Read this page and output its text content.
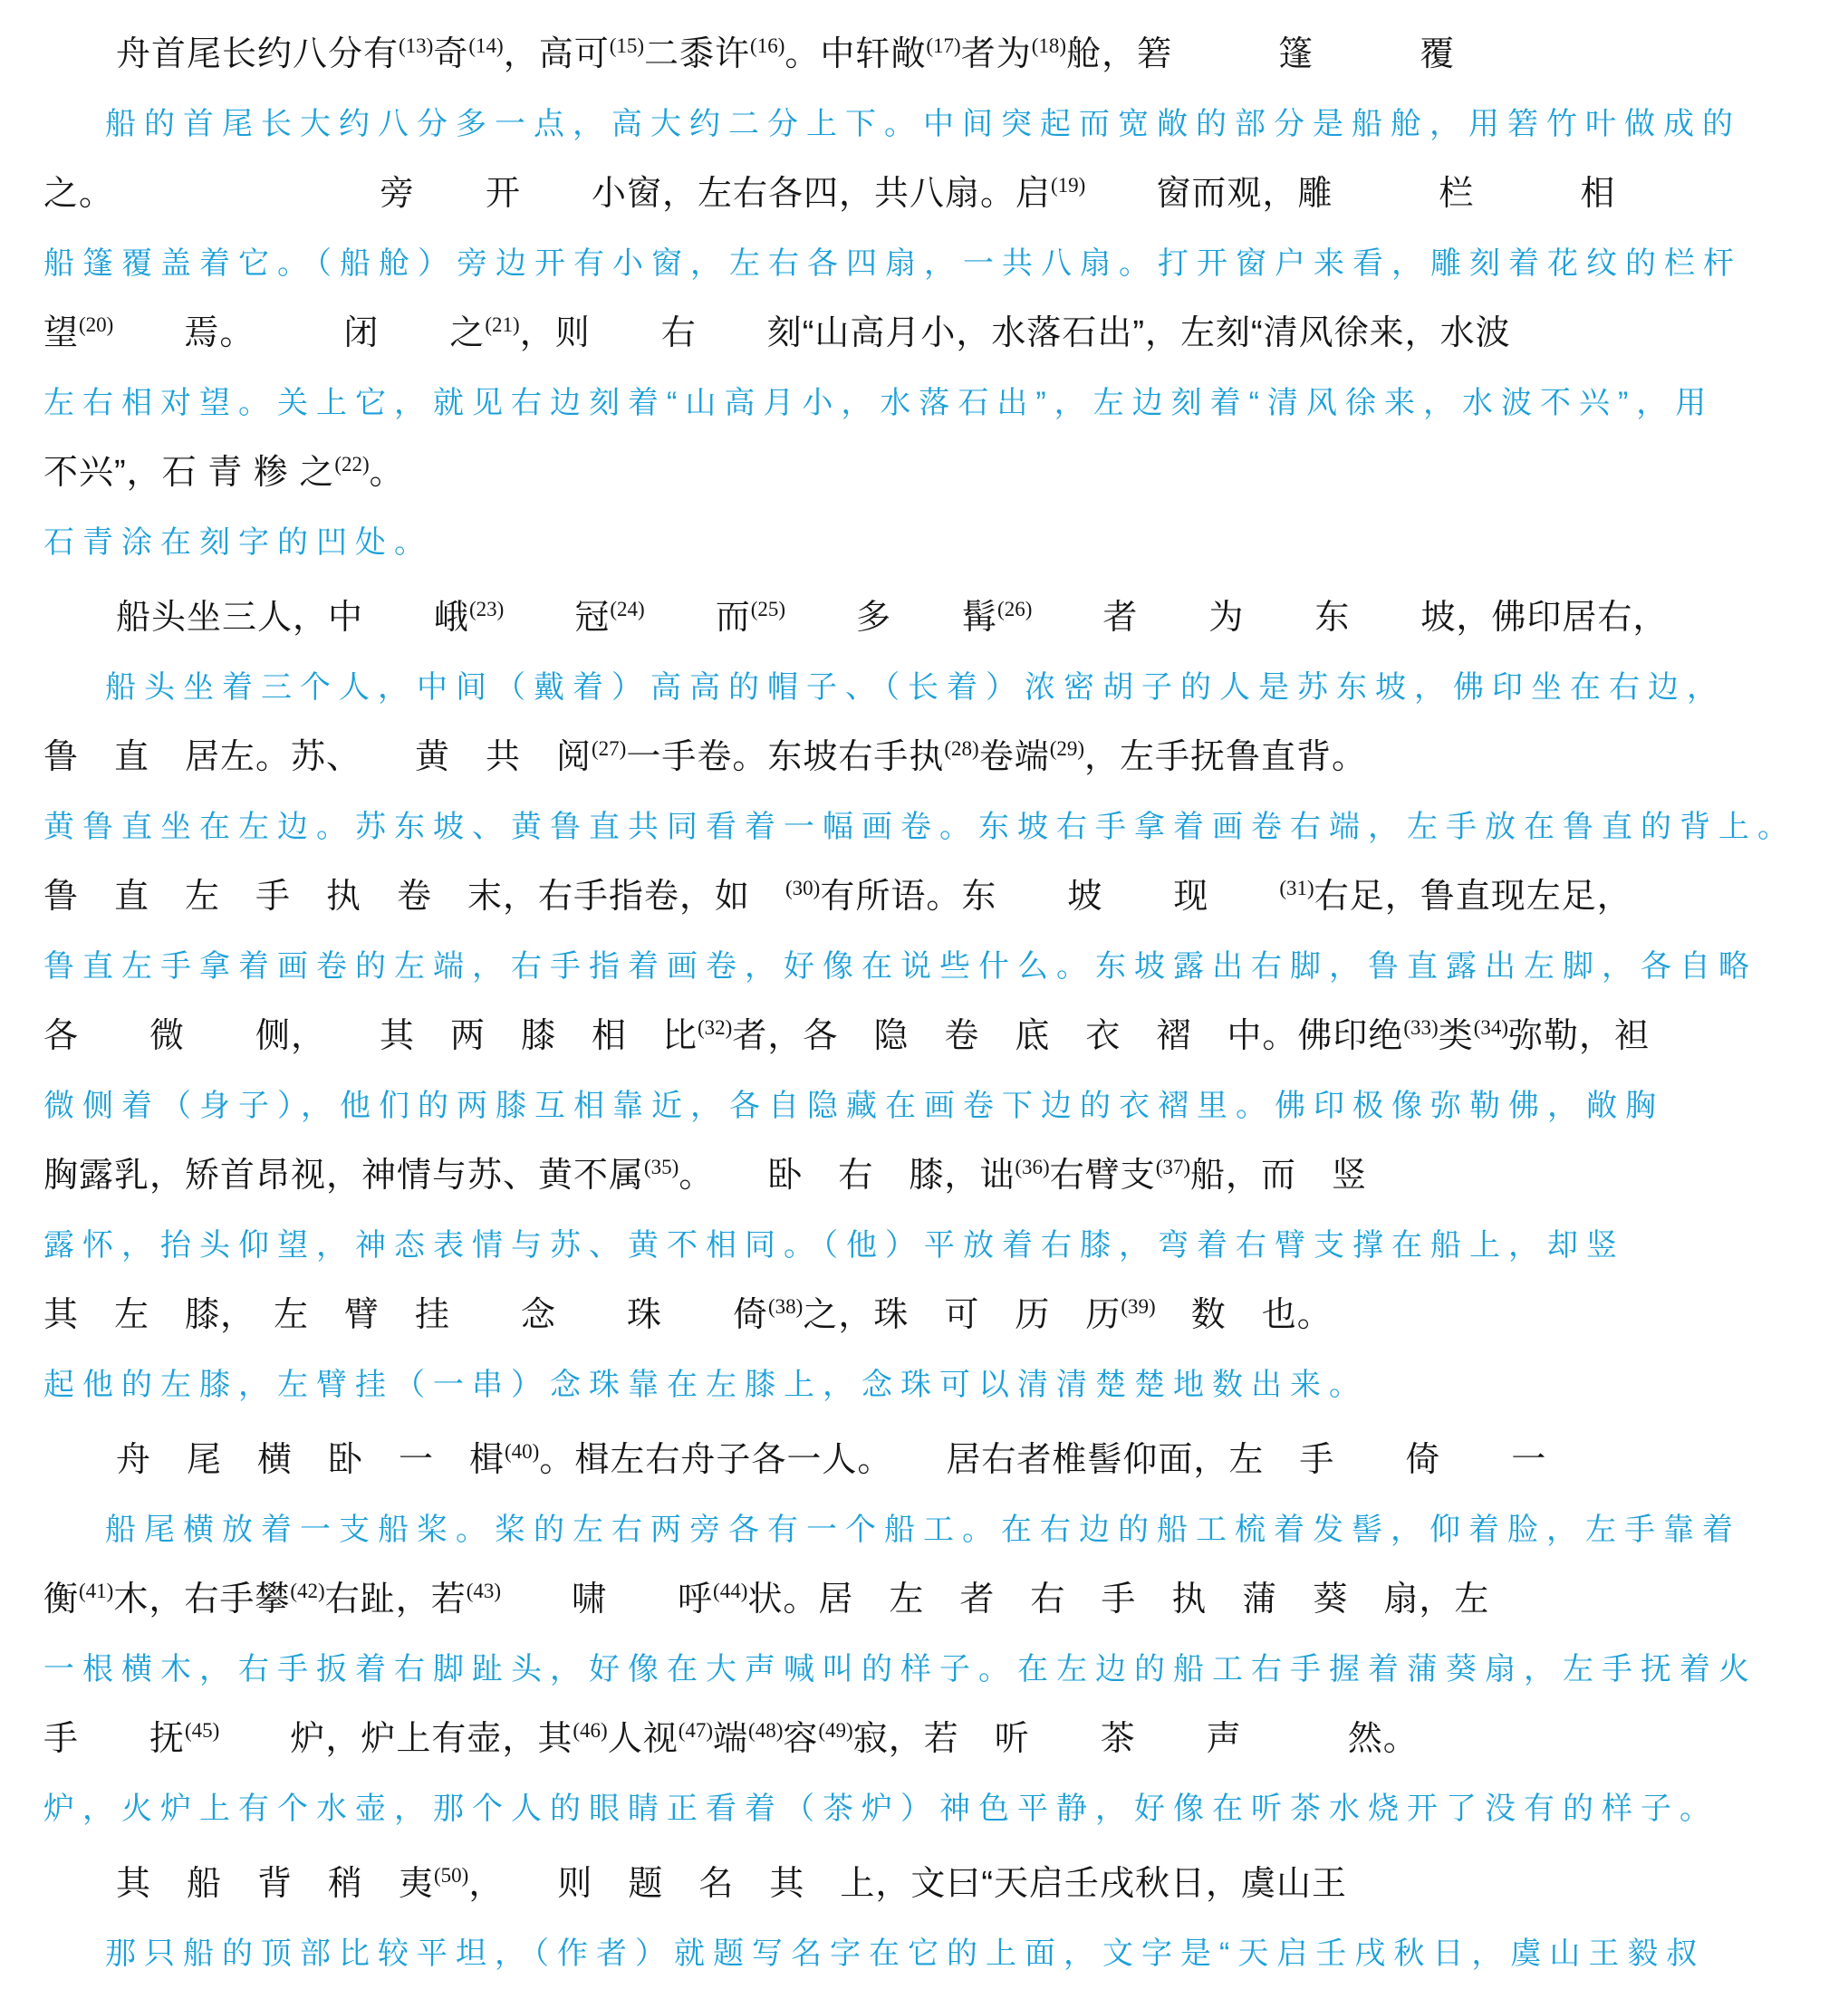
舟首尾长约八分有$^{(13)}$奇$^{(14)}$，高可$^{(15)}$二黍许$^{(16)}$。中轩敞$^{(17)}$者为$^{(18)}$舱，箬　　　篷　　　覆

船的首尾长大约八分多一点，高大约二分上下。中间突起而宽敞的部分是船舱，用箬竹叶做成的

之。　　　　　　　　旁　　开　　小窗，左右各四，共八扇。启$^{(19)}$　　窗而观，雕　　　栏　　　相

船篷覆盖着它。（船舱）旁边开有小窗，左右各四扇，一共八扇。打开窗户来看，雕刻着花纹的栏杆

望$^{(20)}$　　焉。　　　闭　　之$^{(21)}$，则　　右　　刻“山高月小，水落石出”，左刻“清风徐来，水波

左右相对望。关上它，就见右边刻着“山高月小，水落石出”，左边刻着“清风徐来，水波不兴”，用

不兴”，石 青 糁 之$^{(22)}$。

石青涂在刻字的凹处。

船头坐三人，中　　峨$^{(23)}$　　冠$^{(24)}$　　而$^{(25)}$　　多　　髯$^{(26)}$　　者　　为　　东　　坡，佛印居右，

船头坐着三个人，中间（戴着）高高的帽子、（长着）浓密胡子的人是苏东坡，佛印坐在右边，

鲁　直　居左。苏、　　黄　共　阅$^{(27)}$一手卷。东坡右手执$^{(28)}$卷端$^{(29)}$，左手抚鲁直背。

黄鲁直坐在左边。苏东坡、黄鲁直共同看着一幅画卷。东坡右手拿着画卷右端，左手放在鲁直的背上。

鲁　直　左　手　执　卷　末，右手指卷，如　$^{(30)}$有所语。东　　坡　　现　　$^{(31)}$右足，鲁直现左足，

鲁直左手拿着画卷的左端，右手指着画卷，好像在说些什么。东坡露出右脚，鲁直露出左脚，各自略

各　　微　　侧，　　其　两　膝　相　比$^{(32)}$者，各　隐　卷　底　衣　褶　中。佛印绝$^{(33)}$类$^{(34)}$弥勒，袒

微侧着（身子），他们的两膝互相靠近，各自隐藏在画卷下边的衣褶里。佛印极像弥勒佛，敞胸

胸露乳，矫首昂视，神情与苏、黄不属$^{(35)}$。　　卧　右　膝，诎$^{(36)}$右臂支$^{(37)}$船，而　竖

露怀，抬头仰望，神态表情与苏、黄不相同。（他）平放着右膝，弯着右臂支撑在船上，却竖

其　左　膝，　左　臂　挂　　念　　珠　　倚$^{(38)}$之，珠　可　历　历$^{(39)}$　数　也。

起他的左膝，左臂挂（一串）念珠靠在左膝上，念珠可以清清楚楚地数出来。

舟　尾　横　卧　一　楫$^{(40)}$。楫左右舟子各一人。　　居右者椎髻仰面，左　手　　倚　　一

船尾横放着一支船桨。桨的左右两旁各有一个船工。在右边的船工梳着发髻，仰着脸，左手靠着

衡$^{(41)}$木，右手攀$^{(42)}$右趾，若$^{(43)}$　　啸　　呼$^{(44)}$状。居　左　者　右　手　执　蒲　葵　扇，左

一根横木，右手扳着右脚趾头，好像在大声喊叫的样子。在左边的船工右手握着蒲葵扇，左手抚着火

手　　抚$^{(45)}$　　炉，炉上有壶，其$^{(46)}$人视$^{(47)}$端$^{(48)}$容$^{(49)}$寂，若　听　　茶　　声　　　然。

炉，火炉上有个水壶，那个人的眼睛正看着（茶炉）神色平静，好像在听茶水烧开了没有的样子。

其　船　背　稍　夷$^{(50)}$，　　则　题　名　其　上，文曰“天启壬戌秋日，虞山王

那只船的顶部比较平坦，（作者）就题写名字在它的上面，文字是“天启壬戌秋日，虞山王毅叔
